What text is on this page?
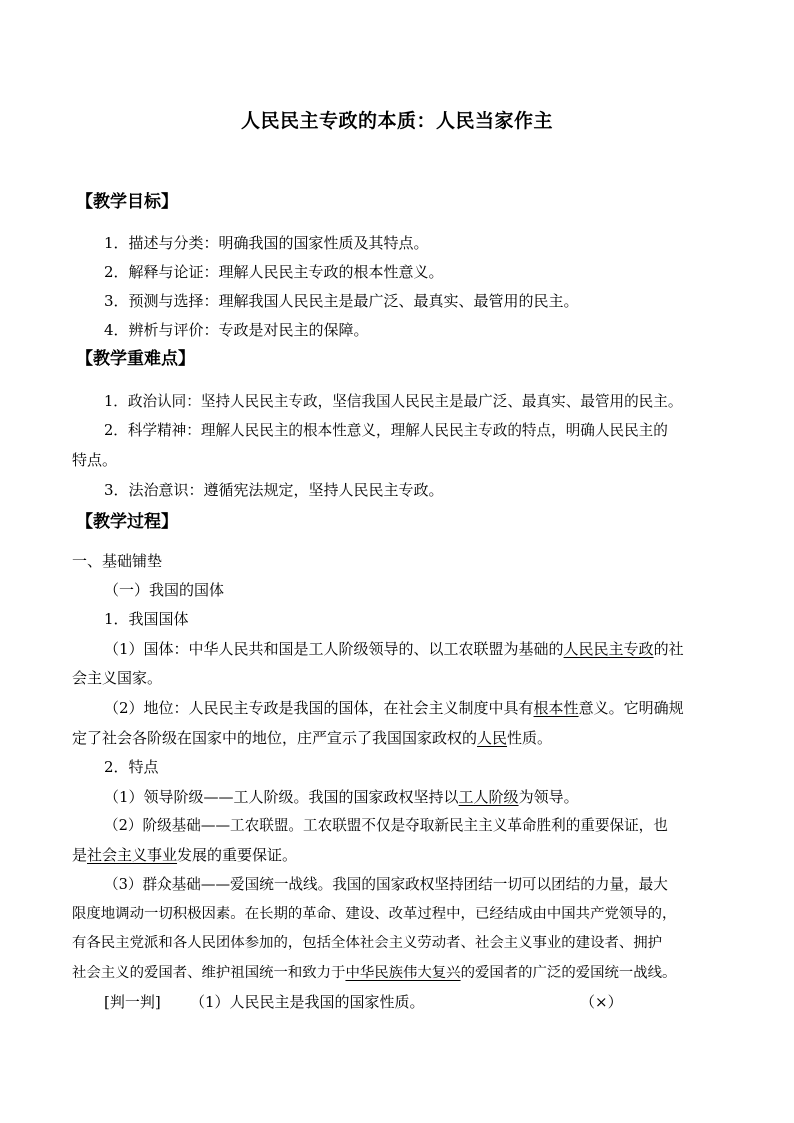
人民民主专政的本质：人民当家作主
【教学目标】
1．描述与分类：明确我国的国家性质及其特点。
2．解释与论证：理解人民民主专政的根本性意义。
3．预测与选择：理解我国人民民主是最广泛、最真实、最管用的民主。
4．辨析与评价：专政是对民主的保障。
【教学重难点】
1．政治认同：坚持人民民主专政，坚信我国人民民主是最广泛、最真实、最管用的民主。
2．科学精神：理解人民民主的根本性意义，理解人民民主专政的特点，明确人民民主的
特点。
3．法治意识：遵循宪法规定，坚持人民民主专政。
【教学过程】
一、基础铺垫
（一）我国的国体
1．我国国体
（1）国体：中华人民共和国是工人阶级领导的、以工农联盟为基础的人民民主专政的社
会主义国家。
（2）地位：人民民主专政是我国的国体，在社会主义制度中具有根本性意义。它明确规
定了社会各阶级在国家中的地位，庄严宣示了我国国家政权的人民性质。
2．特点
（1）领导阶级——工人阶级。我国的国家政权坚持以工人阶级为领导。
（2）阶级基础——工农联盟。工农联盟不仅是夺取新民主主义革命胜利的重要保证，也
是社会主义事业发展的重要保证。
（3）群众基础——爱国统一战线。我国的国家政权坚持团结一切可以团结的力量，最大
限度地调动一切积极因素。在长期的革命、建设、改革过程中，已经结成由中国共产党领导的，
有各民主党派和各人民团体参加的，包括全体社会主义劳动者、社会主义事业的建设者、拥护
社会主义的爱国者、维护祖国统一和致力于中华民族伟大复兴的爱国者的广泛的爱国统一战线。
[判一判] （1）人民民主是我国的国家性质。	（×）
